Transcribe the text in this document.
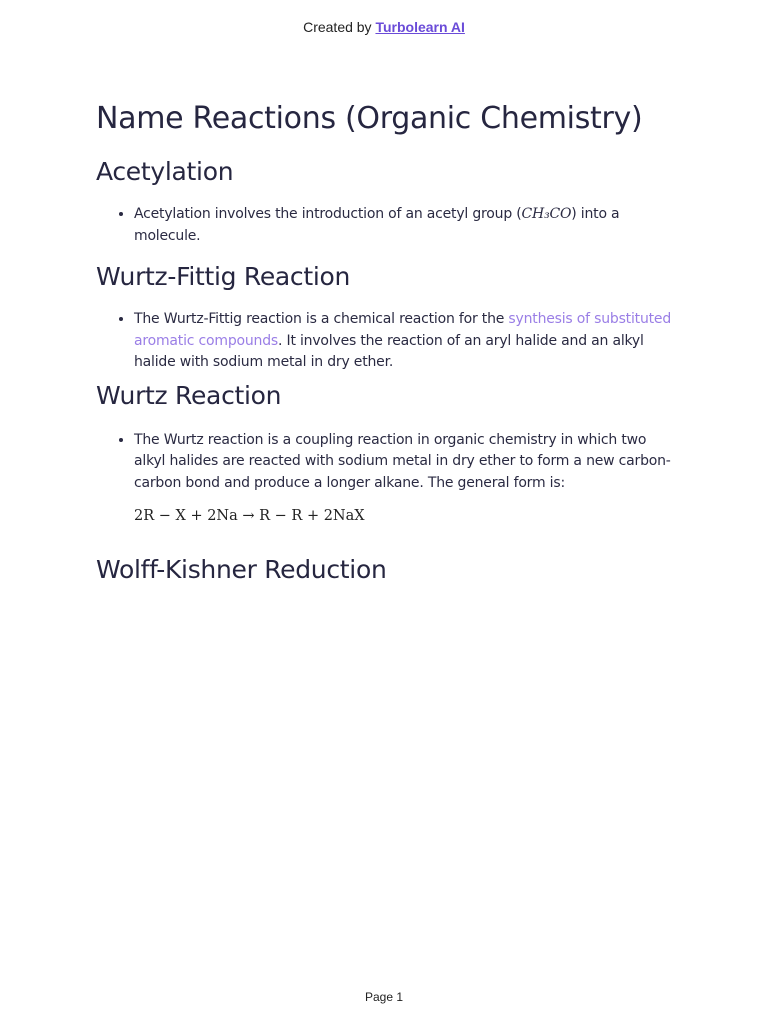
Created by Turbolearn AI
Name Reactions (Organic Chemistry)
Acetylation
• Acetylation involves the introduction of an acetyl group (CH₃CO) into a molecule.
Wurtz-Fittig Reaction
• The Wurtz-Fittig reaction is a chemical reaction for the synthesis of substituted aromatic compounds. It involves the reaction of an aryl halide and an alkyl halide with sodium metal in dry ether.
Wurtz Reaction
• The Wurtz reaction is a coupling reaction in organic chemistry in which two alkyl halides are reacted with sodium metal in dry ether to form a new carbon-carbon bond and produce a longer alkane. The general form is:
2R − X + 2Na → R − R + 2NaX
Wolff-Kishner Reduction
Page 1
